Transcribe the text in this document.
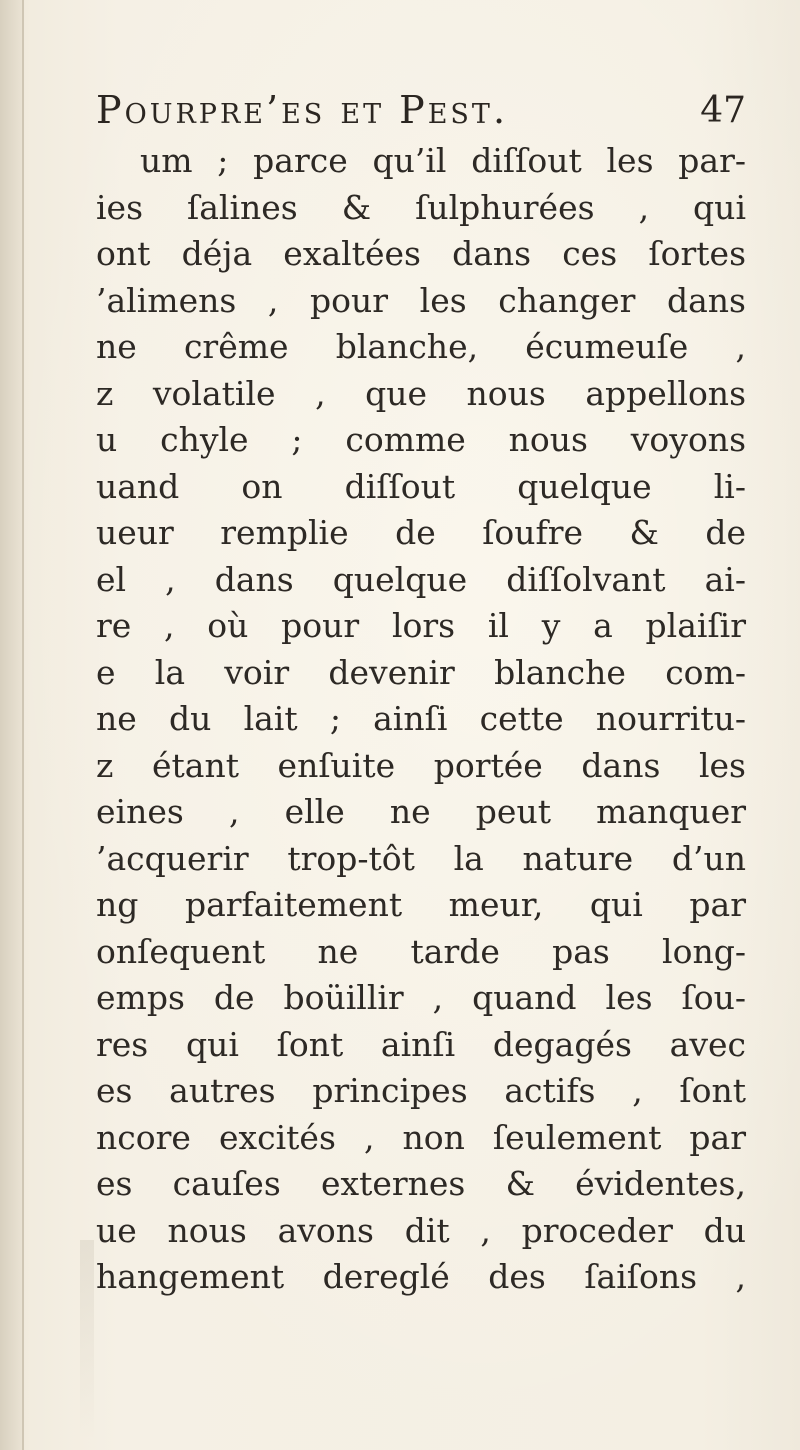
Pourpre’es et Pest.	47
um ; parce qu’il diſſout les par-
ies ſalines & ſulphurées , qui
ont déja exaltées dans ces ſortes
’alimens , pour les changer dans
ne crême blanche, écumeuſe ,
z volatile , que nous appellons
u chyle ; comme nous voyons
uand on diſſout quelque li-
ueur remplie de ſoufre & de
el , dans quelque diſſolvant ai-
re , où pour lors il y a plaiſir
e la voir devenir blanche com-
ne du lait ; ainſi cette nourritu-
z étant enſuite portée dans les
eines , elle ne peut manquer
’acquerir trop-tôt la nature d’un
ng parfaitement meur, qui par
onſequent ne tarde pas long-
emps de boüillir , quand les ſou-
res qui ſont ainſi degagés avec
es autres principes actifs , ſont
ncore excités , non ſeulement par
es cauſes externes & évidentes,
ue nous avons dit , proceder du
hangement dereglé des ſaiſons ,
